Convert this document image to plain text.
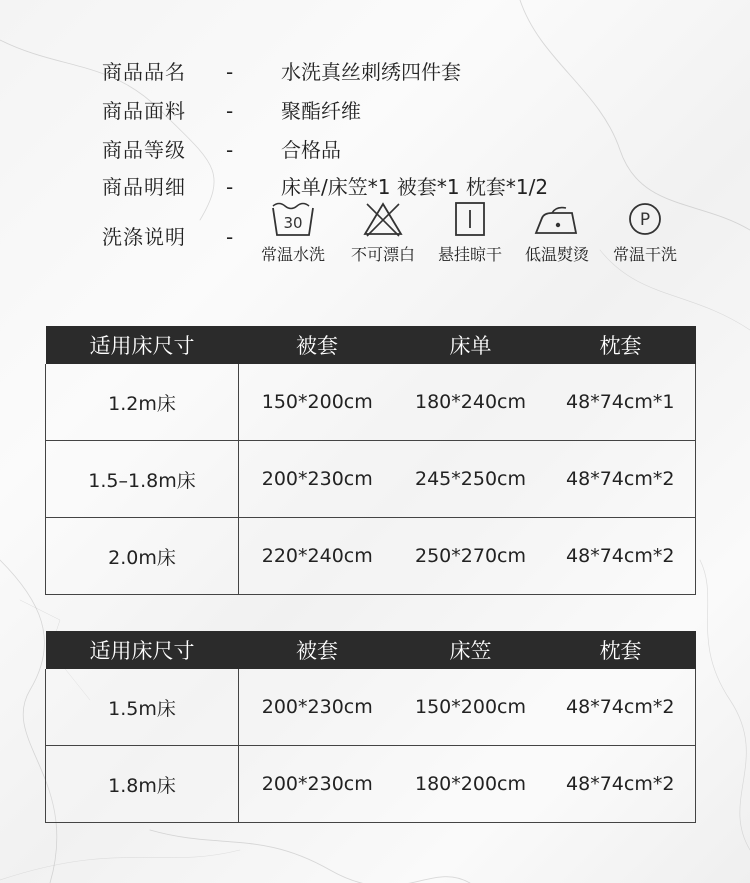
商品品名 - 水洗真丝刺绣四件套
商品面料 - 聚酯纤维
商品等级 - 合格品
商品明细 - 床单/床笠*1 被套*1 枕套*1/2
洗涤说明 -
30
常温水洗	不可漂白	悬挂晾干	低温熨烫
P
常温干洗
适用床尺寸	被套	床单	枕套
1.2m床	150*200cm	180*240cm	48*74cm*1
1.5–1.8m床	200*230cm	245*250cm	48*74cm*2
2.0m床	220*240cm	250*270cm	48*74cm*2
适用床尺寸	被套	床笠	枕套
1.5m床	200*230cm	150*200cm	48*74cm*2
1.8m床	200*230cm	180*200cm	48*74cm*2
